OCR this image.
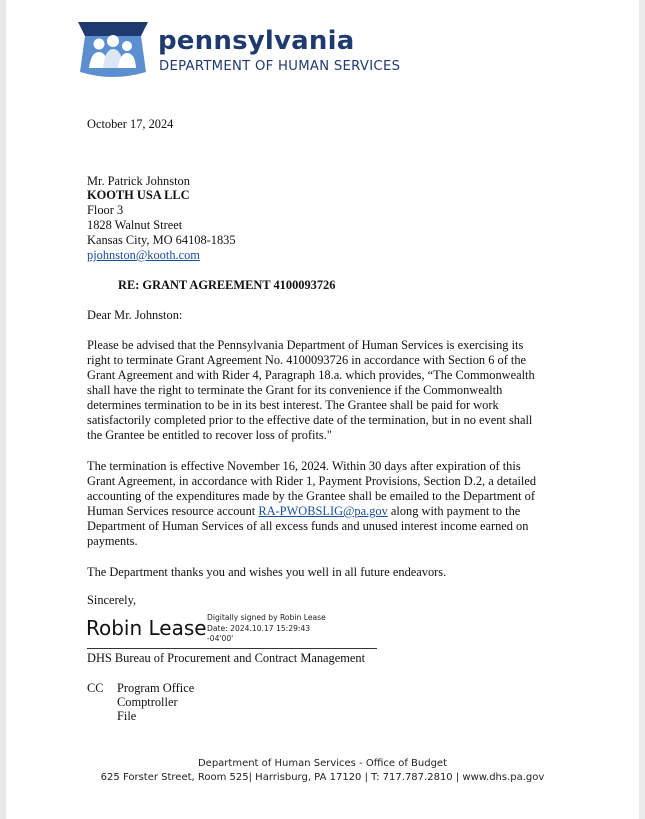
pennsylvania
DEPARTMENT OF HUMAN SERVICES
October 17, 2024
Mr. Patrick Johnston
KOOTH USA LLC
Floor 3
1828 Walnut Street
Kansas City, MO 64108-1835
pjohnston@kooth.com
RE: GRANT AGREEMENT 4100093726
Dear Mr. Johnston:
Please be advised that the Pennsylvania Department of Human Services is exercising its
right to terminate Grant Agreement No. 4100093726 in accordance with Section 6 of the
Grant Agreement and with Rider 4, Paragraph 18.a. which provides, “The Commonwealth
shall have the right to terminate the Grant for its convenience if the Commonwealth
determines termination to be in its best interest. The Grantee shall be paid for work
satisfactorily completed prior to the effective date of the termination, but in no event shall
the Grantee be entitled to recover loss of profits."
The termination is effective November 16, 2024. Within 30 days after expiration of this
Grant Agreement, in accordance with Rider 1, Payment Provisions, Section D.2, a detailed
accounting of the expenditures made by the Grantee shall be emailed to the Department of
Human Services resource account RA-PWOBSLIG@pa.gov along with payment to the
Department of Human Services of all excess funds and unused interest income earned on
payments.
The Department thanks you and wishes you well in all future endeavors.
Sincerely,
Robin Lease Digitally signed by Robin Lease
Date: 2024.10.17 15:29:43
-04'00'
DHS Bureau of Procurement and Contract Management
CC Program Office
Comptroller
File
Department of Human Services - Office of Budget
625 Forster Street, Room 525| Harrisburg, PA 17120 | T: 717.787.2810 | www.dhs.pa.gov
